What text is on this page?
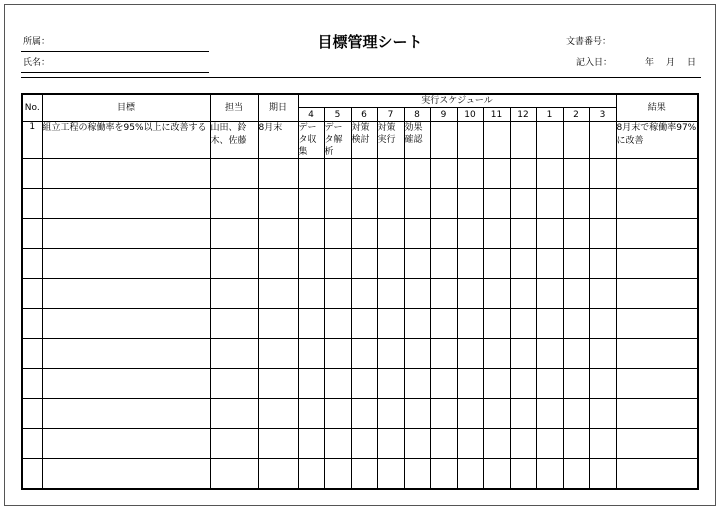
所属：
氏名：
目標管理シート	文書番号：
記入日：	年 月 日
No.	目標	担当	期日	実行スケジュール												結果
				4	5	6	7	8	9	10	11	12	1	2	3	
1	組立工程の稼働率を95%以上に改善する	山田、鈴木、佐藤	8月末	データ収集	データ解析	対策検討	対策実行	効果確認								8月末で稼働率97%に改善
